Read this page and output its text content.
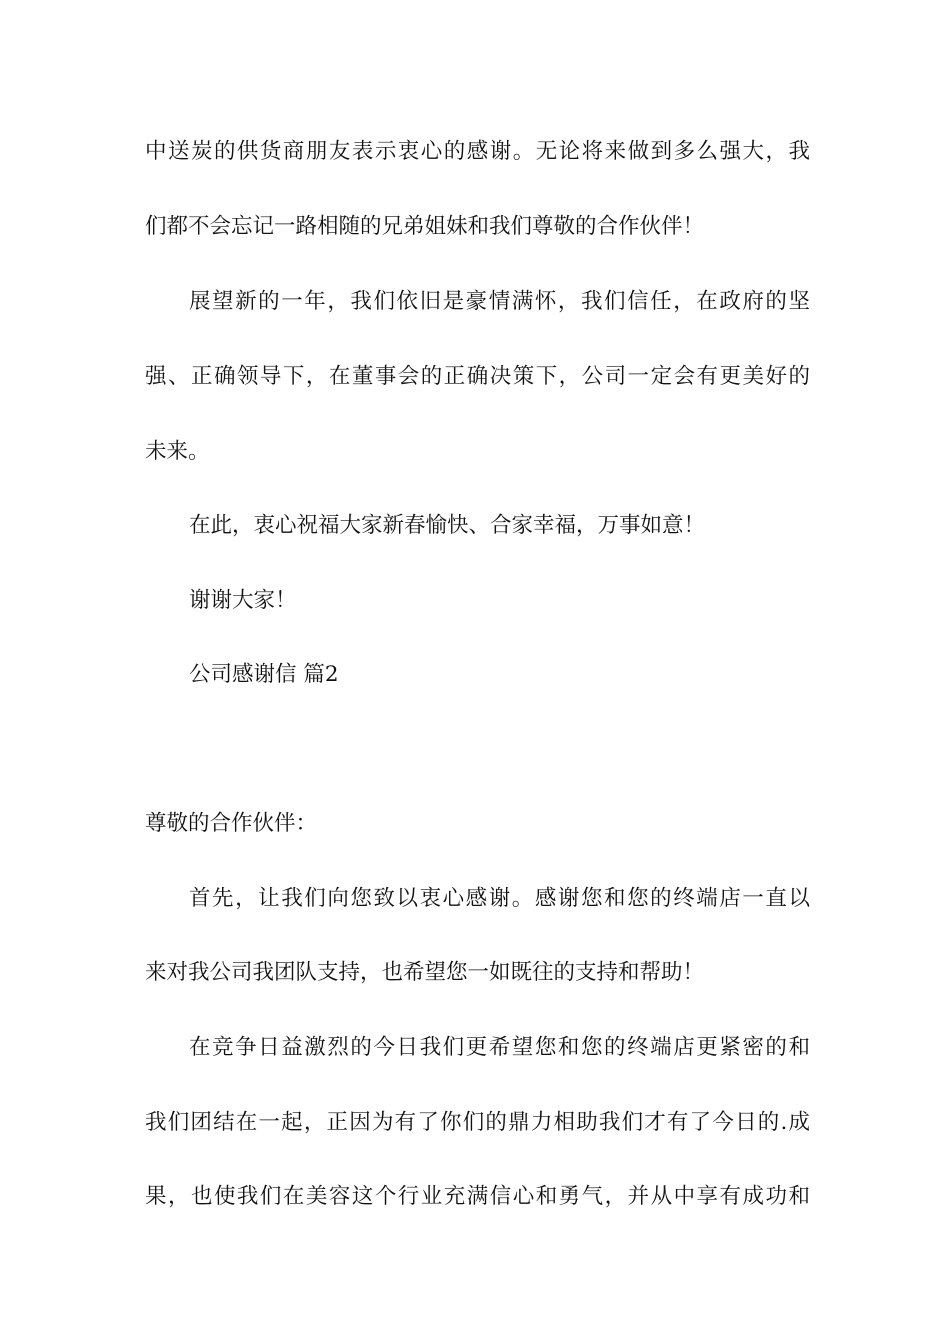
中送炭的供货商朋友表示衷心的感谢。无论将来做到多么强大，我
们都不会忘记一路相随的兄弟姐妹和我们尊敬的合作伙伴！
展望新的一年，我们依旧是豪情满怀，我们信任，在政府的坚
强、正确领导下，在董事会的正确决策下，公司一定会有更美好的
未来。
在此，衷心祝福大家新春愉快、合家幸福，万事如意！
谢谢大家！
公司感谢信 篇2
尊敬的合作伙伴：
首先，让我们向您致以衷心感谢。感谢您和您的终端店一直以
来对我公司我团队支持，也希望您一如既往的支持和帮助！
在竞争日益激烈的今日我们更希望您和您的终端店更紧密的和
我们团结在一起，正因为有了你们的鼎力相助我们才有了今日的.成
果，也使我们在美容这个行业充满信心和勇气，并从中享有成功和
